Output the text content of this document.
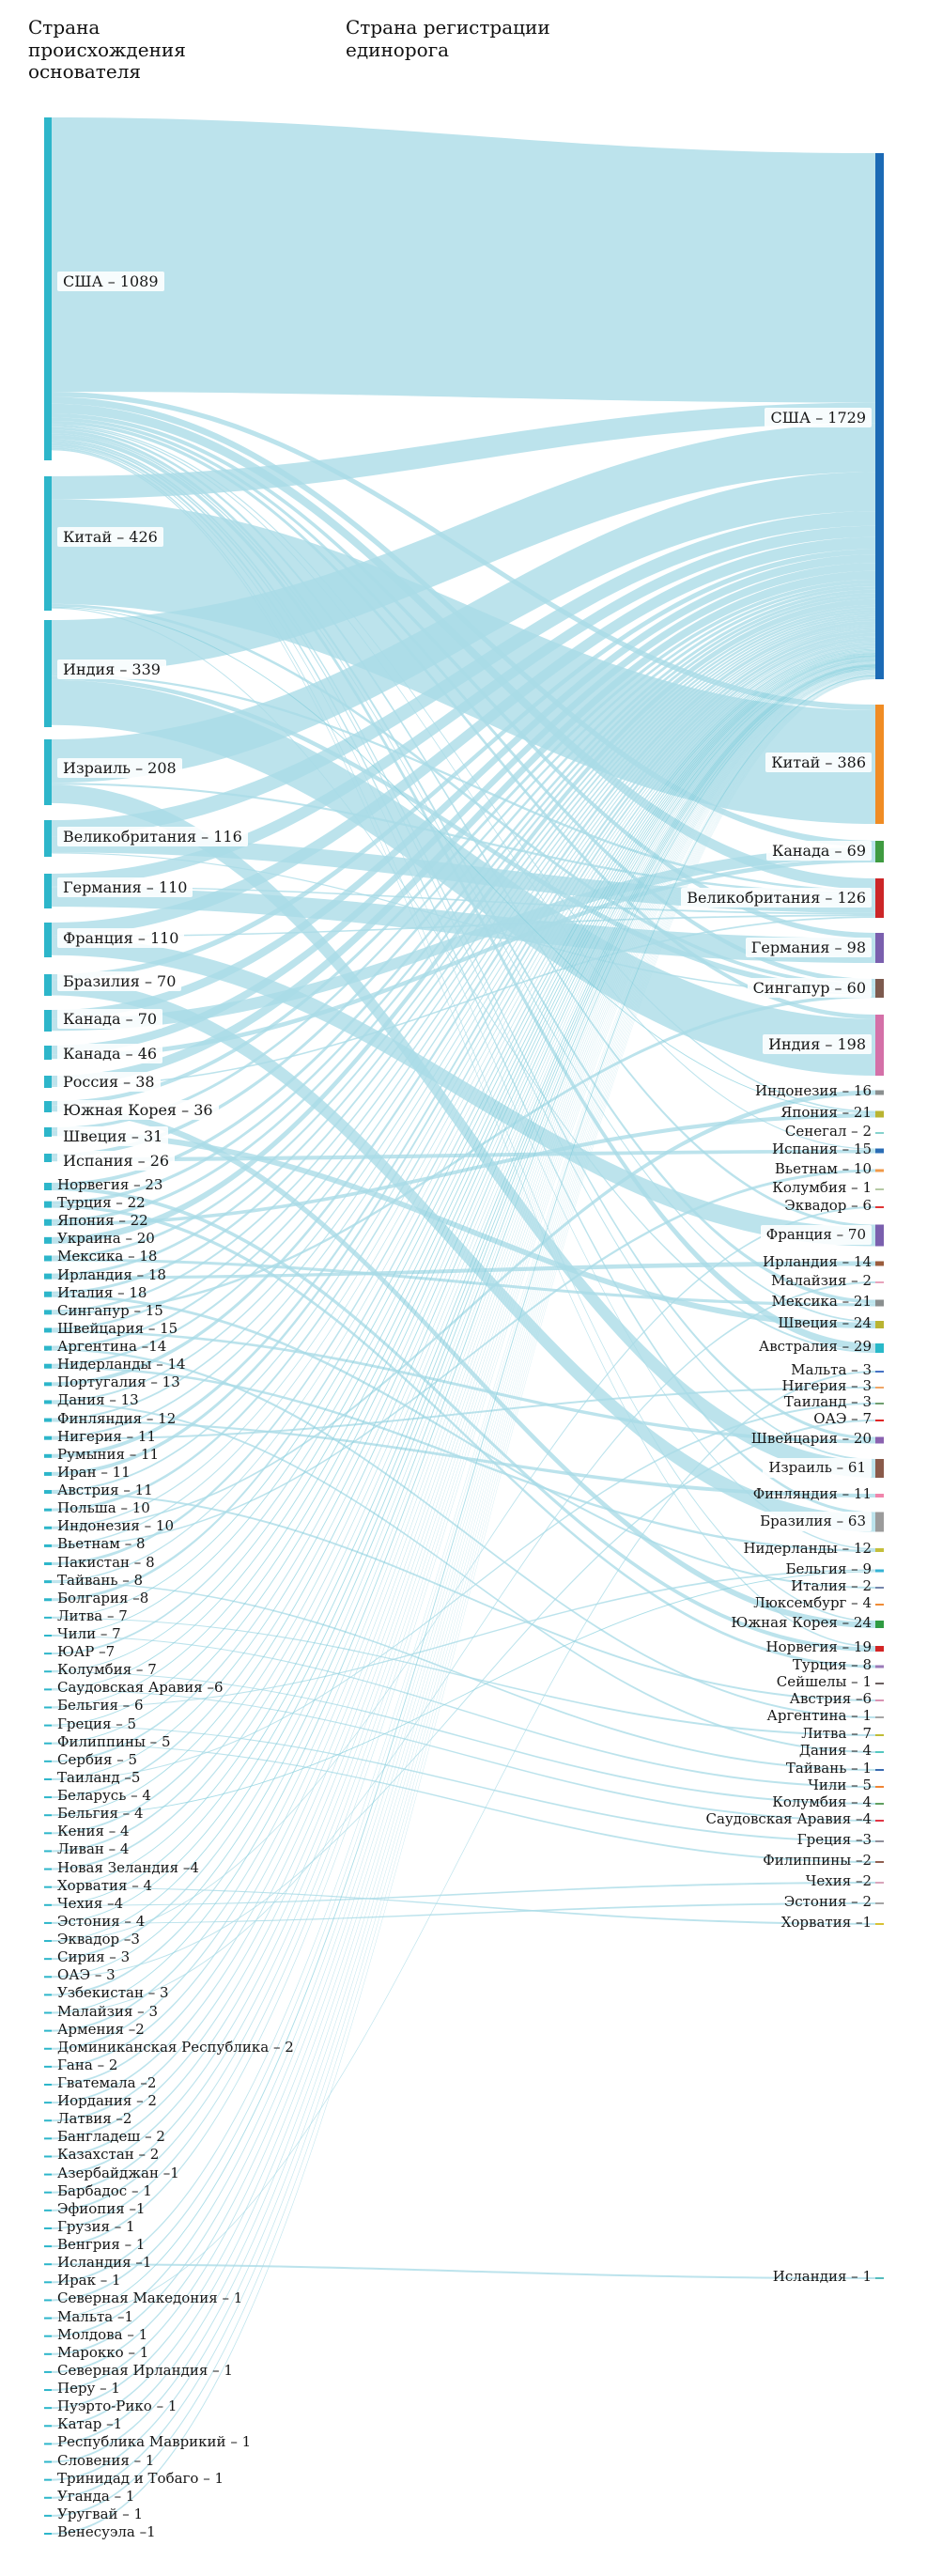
Страна происхождения основателя
Страна регистрации единорога
США – 1089
Китай – 426
Индия – 339
Израиль – 208
Великобритания – 116
Германия – 110
Франция – 110
Бразилия – 70
Канада – 70
Канада – 46
Россия – 38
Южная Корея – 36
Швеция – 31
Испания – 26
Норвегия – 23
Турция – 22
Япония – 22
Украина – 20
Мексика – 18
Ирландия – 18
Италия – 18
Сингапур – 15
Швейцария – 15
Аргентина –14
Нидерланды – 14
Португалия – 13
Дания – 13
Финляндия – 12
Нигерия – 11
Румыния – 11
Иран – 11
Австрия – 11
Польша – 10
Индонезия – 10
Вьетнам – 8
Пакистан – 8
Тайвань – 8
Болгария –8
Литва – 7
Чили – 7
ЮАР –7
Колумбия – 7
Саудовская Аравия –6
Бельгия – 6
Греция – 5
Филиппины – 5
Сербия – 5
Таиланд –5
Беларусь – 4
Бельгия – 4
Кения – 4
Ливан – 4
Новая Зеландия –4
Хорватия – 4
Чехия –4
Эстония – 4
Эквадор –3
Сирия – 3
ОАЭ – 3
Узбекистан – 3
Малайзия – 3
Армения –2
Доминиканская Республика – 2
Гана – 2
Гватемала –2
Иордания – 2
Латвия –2
Бангладеш – 2
Казахстан – 2
Азербайджан –1
Барбадос – 1
Эфиопия –1
Грузия – 1
Венгрия – 1
Исландия –1
Ирак – 1
Северная Македония – 1
Мальта –1
Молдова – 1
Марокко – 1
Северная Ирландия – 1
Перу – 1
Пуэрто-Рико – 1
Катар –1
Республика Маврикий – 1
Словения – 1
Тринидад и Тобаго – 1
Уганда – 1
Уругвай – 1
Венесуэла –1
США – 1729
Китай – 386
Канада – 69
Великобритания – 126
Германия – 98
Сингапур – 60
Индия – 198
Индонезия – 16
Япония – 21
Сенегал – 2
Испания – 15
Вьетнам – 10
Колумбия – 1
Эквадор – 6
Франция – 70
Ирландия – 14
Малайзия – 2
Мексика – 21
Швеция – 24
Австралия – 29
Мальта – 3
Нигерия – 3
Таиланд – 3
ОАЭ – 7
Швейцария – 20
Израиль – 61
Финляндия – 11
Бразилия – 63
Нидерланды – 12
Бельгия – 9
Италия – 2
Люксембург – 4
Южная Корея – 24
Норвегия – 19
Турция – 8
Сейшелы – 1
Австрия –6
Аргентина – 1
Литва – 7
Дания – 4
Тайвань – 1
Чили – 5
Колумбия – 4
Саудовская Аравия –4
Греция –3
Филиппины –2
Чехия –2
Эстония – 2
Хорватия –1
Исландия – 1
